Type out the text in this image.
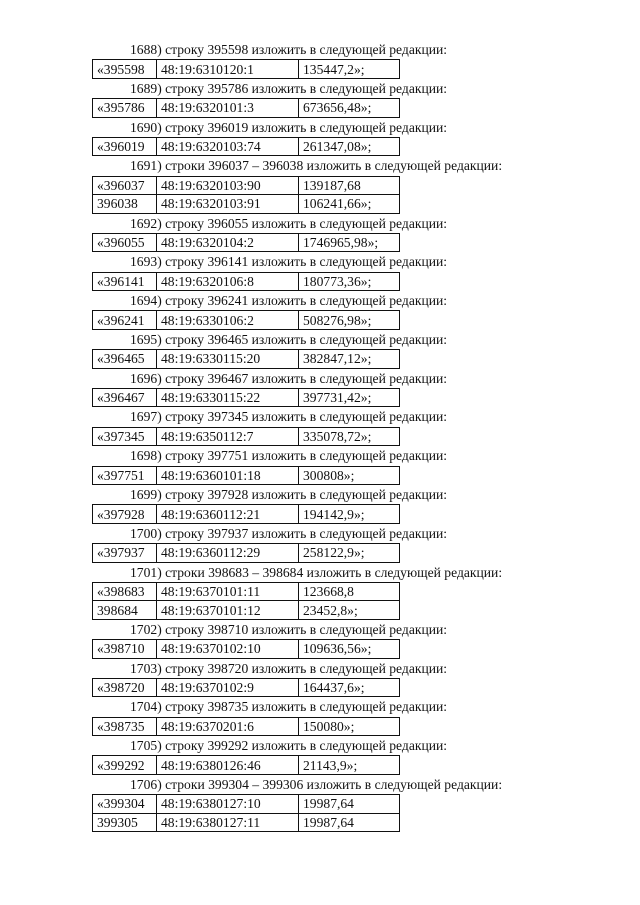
1688) строку 395598 изложить в следующей редакции:
«395598	48:19:6310120:1	135447,2»;
1689) строку 395786 изложить в следующей редакции:
«395786	48:19:6320101:3	673656,48»;
1690) строку 396019 изложить в следующей редакции:
«396019	48:19:6320103:74	261347,08»;
1691) строки 396037 – 396038 изложить в следующей редакции:
«396037	48:19:6320103:90	139187,68
396038	48:19:6320103:91	106241,66»;
1692) строку 396055 изложить в следующей редакции:
«396055	48:19:6320104:2	1746965,98»;
1693) строку 396141 изложить в следующей редакции:
«396141	48:19:6320106:8	180773,36»;
1694) строку 396241 изложить в следующей редакции:
«396241	48:19:6330106:2	508276,98»;
1695) строку 396465 изложить в следующей редакции:
«396465	48:19:6330115:20	382847,12»;
1696) строку 396467 изложить в следующей редакции:
«396467	48:19:6330115:22	397731,42»;
1697) строку 397345 изложить в следующей редакции:
«397345	48:19:6350112:7	335078,72»;
1698) строку 397751 изложить в следующей редакции:
«397751	48:19:6360101:18	300808»;
1699) строку 397928 изложить в следующей редакции:
«397928	48:19:6360112:21	194142,9»;
1700) строку 397937 изложить в следующей редакции:
«397937	48:19:6360112:29	258122,9»;
1701) строки 398683 – 398684 изложить в следующей редакции:
«398683	48:19:6370101:11	123668,8
398684	48:19:6370101:12	23452,8»;
1702) строку 398710 изложить в следующей редакции:
«398710	48:19:6370102:10	109636,56»;
1703) строку 398720 изложить в следующей редакции:
«398720	48:19:6370102:9	164437,6»;
1704) строку 398735 изложить в следующей редакции:
«398735	48:19:6370201:6	150080»;
1705) строку 399292 изложить в следующей редакции:
«399292	48:19:6380126:46	21143,9»;
1706) строки 399304 – 399306 изложить в следующей редакции:
«399304	48:19:6380127:10	19987,64
399305	48:19:6380127:11	19987,64
